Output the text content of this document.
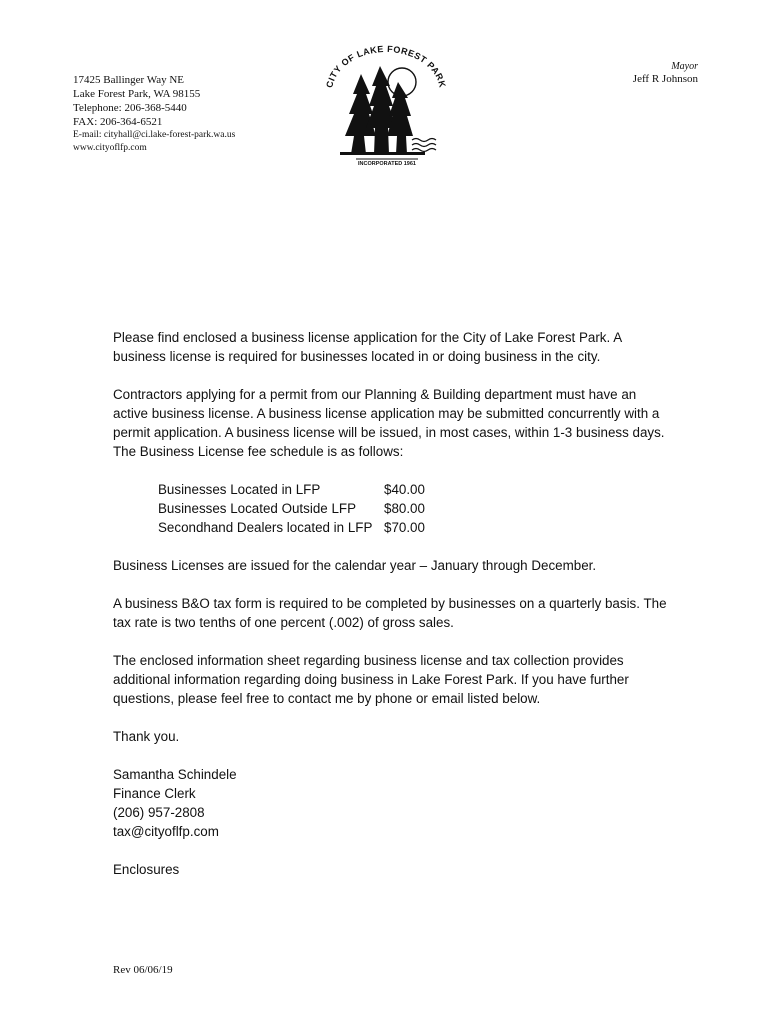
17425 Ballinger Way NE
Lake Forest Park, WA 98155
Telephone: 206-368-5440
FAX: 206-364-6521
E-mail: cityhall@ci.lake-forest-park.wa.us
www.cityoflfp.com
Mayor
Jeff R Johnson
CITY OF LAKE FOREST PARK
INCORPORATED 1961

Please find enclosed a business license application for the City of Lake Forest Park. A business license is required for businesses located in or doing business in the city.

Contractors applying for a permit from our Planning & Building department must have an active business license. A business license application may be submitted concurrently with a permit application. A business license will be issued, in most cases, within 1-3 business days. The Business License fee schedule is as follows:

Businesses Located in LFP	$40.00
Businesses Located Outside LFP	$80.00
Secondhand Dealers located in LFP $70.00

Business Licenses are issued for the calendar year – January through December.

A business B&O tax form is required to be completed by businesses on a quarterly basis. The tax rate is two tenths of one percent (.002) of gross sales.

The enclosed information sheet regarding business license and tax collection provides additional information regarding doing business in Lake Forest Park. If you have further questions, please feel free to contact me by phone or email listed below.

Thank you.

Samantha Schindele
Finance Clerk
(206) 957-2808
tax@cityoflfp.com

Enclosures

Rev 06/06/19
